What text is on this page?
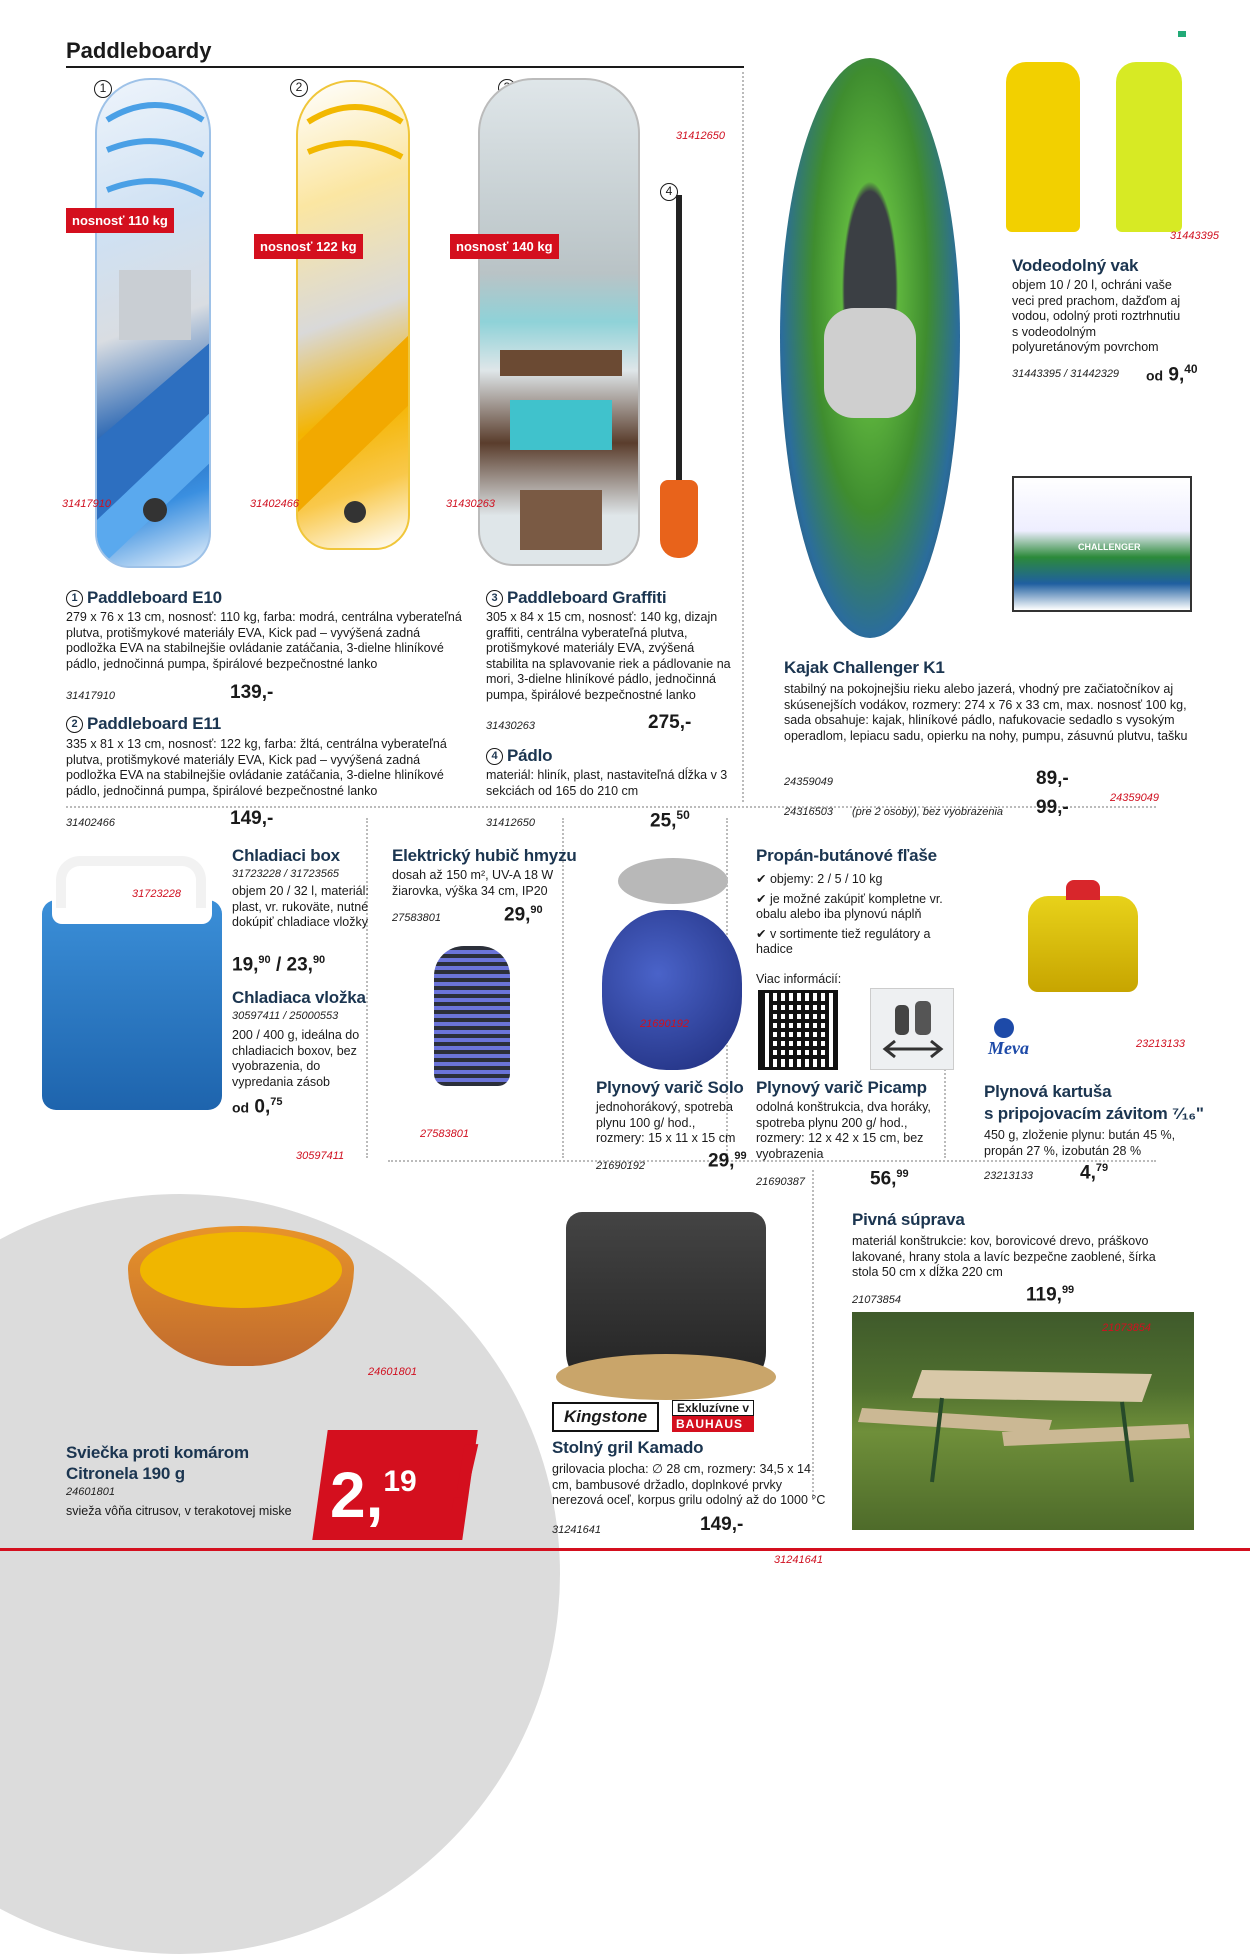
Paddleboardy
1	2
4
nosnosť 110 kg
nosnosť 122 kg	nosnosť 140 kg
31417910	31402466	31430263
31412650
1 Paddleboard E10
279 x 76 x 13 cm, nosnosť: 110 kg, farba: modrá, centrálna vyberateľná plutva, protišmykové materiály EVA, Kick pad – vyvýšená zadná podložka EVA na stabilnejšie ovládanie zatáčania, 3-dielne hliníkové pádlo, jednočinná pumpa, špirálové bezpečnostné lanko
31417910	139,-
2 Paddleboard E11
335 x 81 x 13 cm, nosnosť: 122 kg, farba: žltá, centrálna vyberateľná plutva, protišmykové materiály EVA, Kick pad – vyvýšená zadná podložka EVA na stabilnejšie ovládanie zatáčania, 3-dielne hliníkové pádlo, jednočinná pumpa, špirálové bezpečnostné lanko
31402466	149,-
3 Paddleboard Graffiti
305 x 84 x 15 cm, nosnosť: 140 kg, dizajn graffiti, centrálna vyberateľná plutva, protišmykové materiály EVA, zvýšená stabilita na splavovanie riek a pádlovanie na mori, 3-dielne hliníkové pádlo, jednočinná pumpa, špirálové bezpečnostné lanko
31430263	275,-
4 Pádlo
materiál: hliník, plast, nastaviteľná dĺžka v 3 sekciách od 165 do 210 cm
31412650	25,50
31443395
Vodeodolný vak
objem 10 / 20 l, ochráni vaše veci pred prachom, dažďom aj vodou, odolný proti roztrhnutiu s vodeodolným polyuretánovým povrchom
31443395 / 31442329 od 9,40
CHALLENGER
Kajak Challenger K1
stabilný na pokojnejšiu rieku alebo jazerá, vhodný pre začiatočníkov aj skúsenejších vodákov, rozmery: 274 x 76 x 33 cm, max. nosnosť 100 kg, sada obsahuje: kajak, hliníkové pádlo, nafukovacie sedadlo s vysokým operadlom, lepiacu sadu, opierku na nohy, pumpu, zásuvnú plutvu, tašku
24359049	89,-
24316503 (pre 2 osoby), bez vyobrazenia 99,-	24359049
31723228
Chladiaci box
31723228 / 31723565
objem 20 / 32 l, materiál: plast, vr. rukoväte, nutné dokúpiť chladiace vložky
19,90 / 23,90
Chladiaca vložka
30597411 / 25000553
200 / 400 g, ideálna do chladiacich boxov, bez vyobrazenia, do vypredania zásob
od 0,75
30597411
Elektrický hubič hmyzu
dosah až 150 m², UV-A 18 W žiarovka, výška 34 cm, IP20
27583801	29,90
27583801
21690192
Plynový varič Solo
jednohorákový, spotreba plynu 100 g/ hod., rozmery: 15 x 11 x 15 cm
21690192	29,99
Propán-butánové fľaše
✔ objemy: 2 / 5 / 10 kg
✔ je možné zakúpiť kompletne vr. obalu alebo iba plynovú náplň
✔ v sortimente tiež regulátory a hadice
Viac informácií:
Plynový varič Picamp
odolná konštrukcia, dva horáky, spotreba plynu 200 g/ hod., rozmery: 12 x 42 x 15 cm, bez vyobrazenia
21690387	56,99
Meva	23213133
Plynová kartuša
s pripojovacím závitom ⁷⁄₁₆"
450 g, zloženie plynu: bután 45 %, propán 27 %, izobután 28 %
23213133 4,79
24601801
Sviečka proti komárom Citronela 190 g
24601801
svieža vôňa citrusov, v terakotovej miske 2,19 !
Kingstone	Exkluzívne v
BAUHAUS
Stolný gril Kamado
grilovacia plocha: ∅ 28 cm, rozmery: 34,5 x 14 cm, bambusové držadlo, doplnkové prvky nerezová oceľ, korpus grilu odolný až do 1000 °C
31241641	149,-
Pivná súprava
materiál konštrukcie: kov, borovicové drevo, práškovo lakované, hrany stola a lavíc bezpečne zaoblené, šírka stola 50 cm x dĺžka 220 cm
21073854	119,99
21073854
31241641
